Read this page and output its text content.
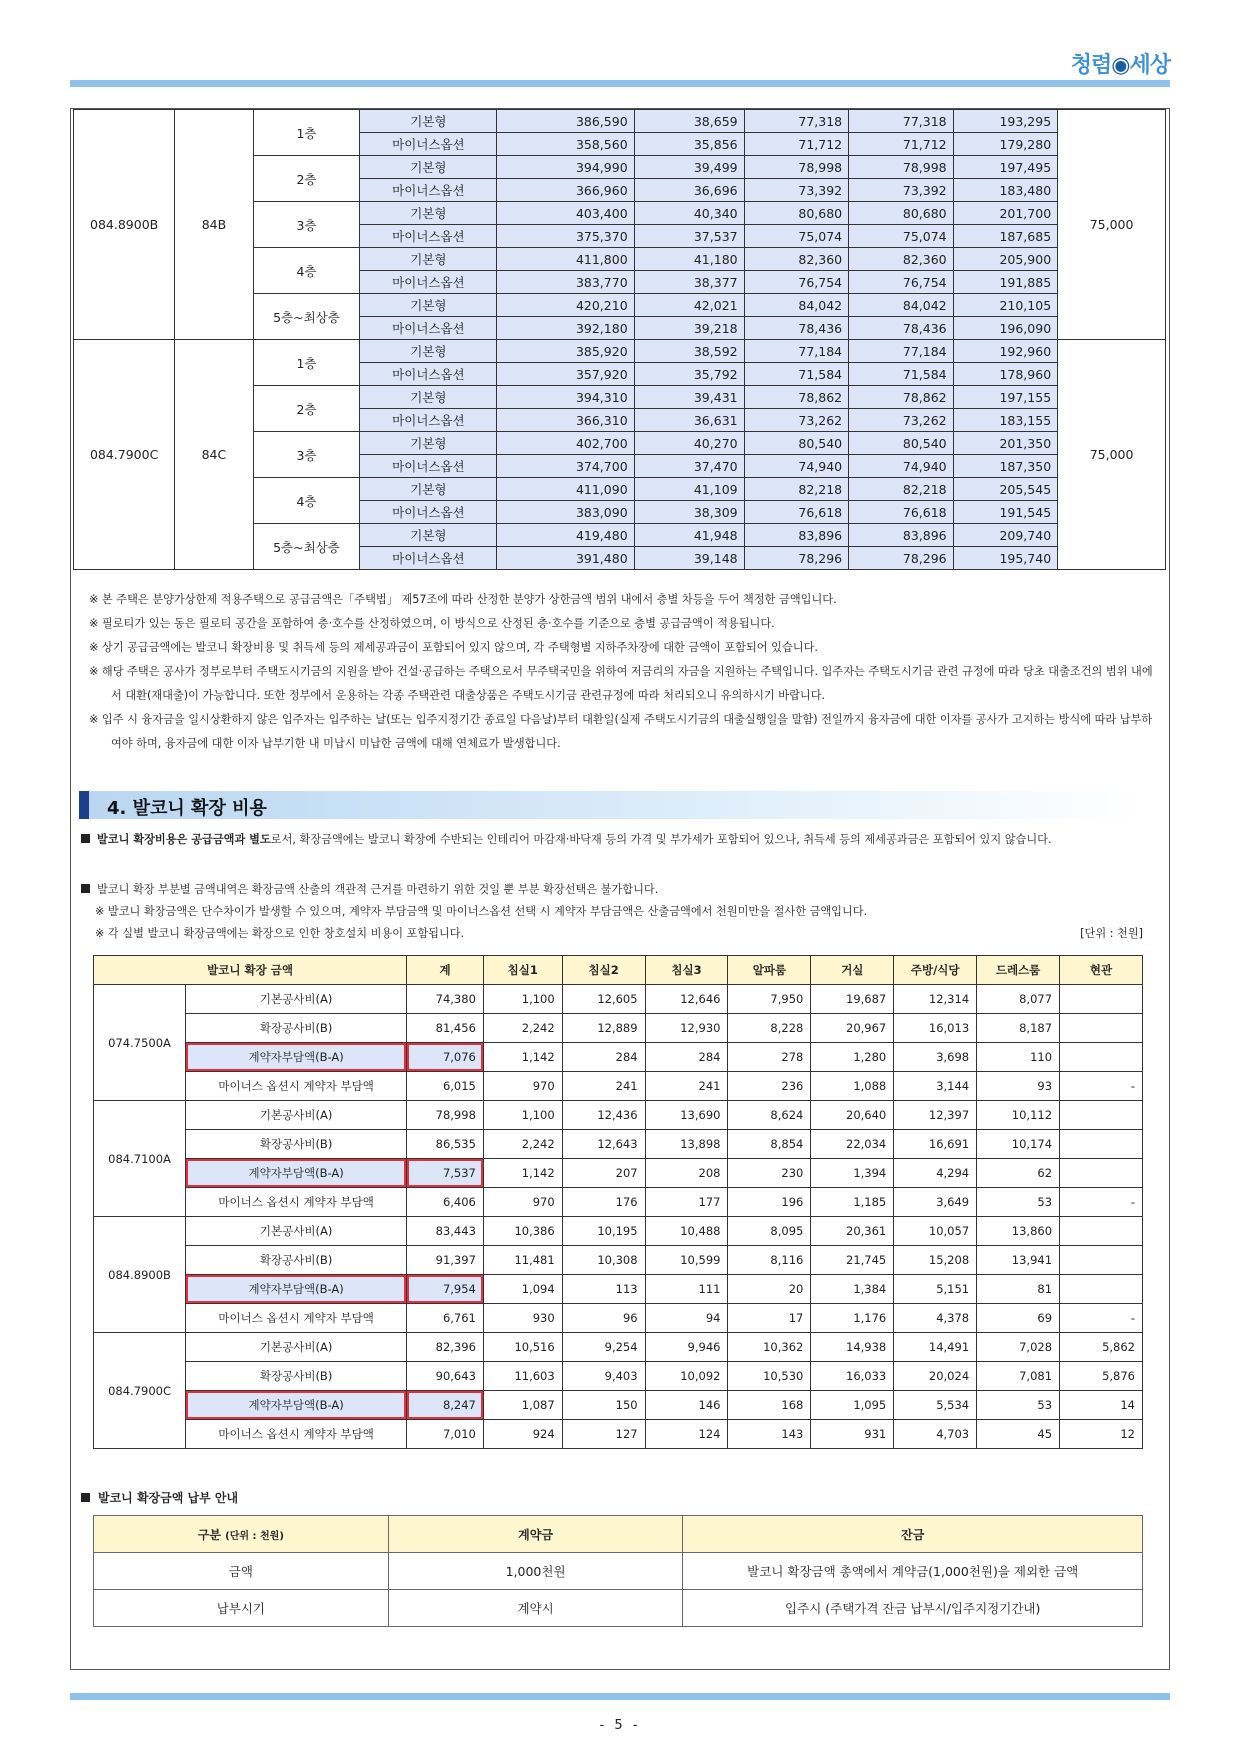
청렴◉세상
084.8900B	84B	1층	기본형	386,590	38,659	77,318	77,318	193,295	75,000
			마이너스옵션	358,560	35,856	71,712	71,712	179,280	
		2층	기본형	394,990	39,499	78,998	78,998	197,495	
			마이너스옵션	366,960	36,696	73,392	73,392	183,480	
		3층	기본형	403,400	40,340	80,680	80,680	201,700	
			마이너스옵션	375,370	37,537	75,074	75,074	187,685	
		4층	기본형	411,800	41,180	82,360	82,360	205,900	
			마이너스옵션	383,770	38,377	76,754	76,754	191,885	
		5층~최상층	기본형	420,210	42,021	84,042	84,042	210,105	
			마이너스옵션	392,180	39,218	78,436	78,436	196,090	
084.7900C	84C	1층	기본형	385,920	38,592	77,184	77,184	192,960	75,000
			마이너스옵션	357,920	35,792	71,584	71,584	178,960	
		2층	기본형	394,310	39,431	78,862	78,862	197,155	
			마이너스옵션	366,310	36,631	73,262	73,262	183,155	
		3층	기본형	402,700	40,270	80,540	80,540	201,350	
			마이너스옵션	374,700	37,470	74,940	74,940	187,350	
		4층	기본형	411,090	41,109	82,218	82,218	205,545	
			마이너스옵션	383,090	38,309	76,618	76,618	191,545	
		5층~최상층	기본형	419,480	41,948	83,896	83,896	209,740	
			마이너스옵션	391,480	39,148	78,296	78,296	195,740	
※ 본 주택은 분양가상한제 적용주택으로 공급금액은「주택법」 제57조에 따라 산정한 분양가 상한금액 범위 내에서 층별 차등을 두어 책정한 금액입니다.
※ 필로티가 있는 동은 필로티 공간을 포함하여 층·호수를 산정하였으며, 이 방식으로 산정된 층·호수를 기준으로 층별 공급금액이 적용됩니다.
※ 상기 공급금액에는 발코니 확장비용 및 취득세 등의 제세공과금이 포함되어 있지 않으며, 각 주택형별 지하주차장에 대한 금액이 포함되어 있습니다.
※ 해당 주택은 공사가 정부로부터 주택도시기금의 지원을 받아 건설·공급하는 주택으로서 무주택국민을 위하여 저금리의 자금을 지원하는 주택입니다. 입주자는 주택도시기금 관련 규정에 따라 당초 대출조건의 범위 내에서 대환(재대출)이 가능합니다. 또한 정부에서 운용하는 각종 주택관련 대출상품은 주택도시기금 관련규정에 따라 처리되오니 유의하시기 바랍니다.
※ 입주 시 융자금을 일시상환하지 않은 입주자는 입주하는 날(또는 입주지정기간 종료일 다음날)부터 대환일(실제 주택도시기금의 대출실행일을 말함) 전일까지 융자금에 대한 이자를 공사가 고지하는 방식에 따라 납부하여야 하며, 융자금에 대한 이자 납부기한 내 미납시 미납한 금액에 대해 연체료가 발생합니다.
4. 발코니 확장 비용
발코니 확장비용은 공급금액과 별도로서, 확장금액에는 발코니 확장에 수반되는 인테리어 마감재·바닥재 등의 가격 및 부가세가 포함되어 있으나, 취득세 등의 제세공과금은 포함되어 있지 않습니다.
발코니 확장 부분별 금액내역은 확장금액 산출의 객관적 근거를 마련하기 위한 것일 뿐 부분 확장선택은 불가합니다.
※ 발코니 확장금액은 단수차이가 발생할 수 있으며, 계약자 부담금액 및 마이너스옵션 선택 시 계약자 부담금액은 산출금액에서 천원미만을 절사한 금액입니다.
※ 각 실별 발코니 확장금액에는 확장으로 인한 창호설치 비용이 포함됩니다.	[단위 : 천원]
발코니 확장 금액		계	침실1	침실2	침실3	알파룸	거실	주방/식당	드레스룸	현관
074.7500A	기본공사비(A)	74,380	1,100	12,605	12,646	7,950	19,687	12,314	8,077	
	확장공사비(B)	81,456	2,242	12,889	12,930	8,228	20,967	16,013	8,187	
	계약자부담액(B-A)	7,076	1,142	284	284	278	1,280	3,698	110	
	마이너스 옵션시 계약자 부담액	6,015	970	241	241	236	1,088	3,144	93	-
084.7100A	기본공사비(A)	78,998	1,100	12,436	13,690	8,624	20,640	12,397	10,112	
	확장공사비(B)	86,535	2,242	12,643	13,898	8,854	22,034	16,691	10,174	
	계약자부담액(B-A)	7,537	1,142	207	208	230	1,394	4,294	62	
	마이너스 옵션시 계약자 부담액	6,406	970	176	177	196	1,185	3,649	53	-
084.8900B	기본공사비(A)	83,443	10,386	10,195	10,488	8,095	20,361	10,057	13,860	
	확장공사비(B)	91,397	11,481	10,308	10,599	8,116	21,745	15,208	13,941	
	계약자부담액(B-A)	7,954	1,094	113	111	20	1,384	5,151	81	
	마이너스 옵션시 계약자 부담액	6,761	930	96	94	17	1,176	4,378	69	-
084.7900C	기본공사비(A)	82,396	10,516	9,254	9,946	10,362	14,938	14,491	7,028	5,862
	확장공사비(B)	90,643	11,603	9,403	10,092	10,530	16,033	20,024	7,081	5,876
	계약자부담액(B-A)	8,247	1,087	150	146	168	1,095	5,534	53	14
	마이너스 옵션시 계약자 부담액	7,010	924	127	124	143	931	4,703	45	12
발코니 확장금액 납부 안내
구분 (단위 : 천원)	계약금	잔금
금액	1,000천원	발코니 확장금액 총액에서 계약금(1,000천원)을 제외한 금액
납부시기	계약시	입주시 (주택가격 잔금 납부시/입주지정기간내)
- 5 -
